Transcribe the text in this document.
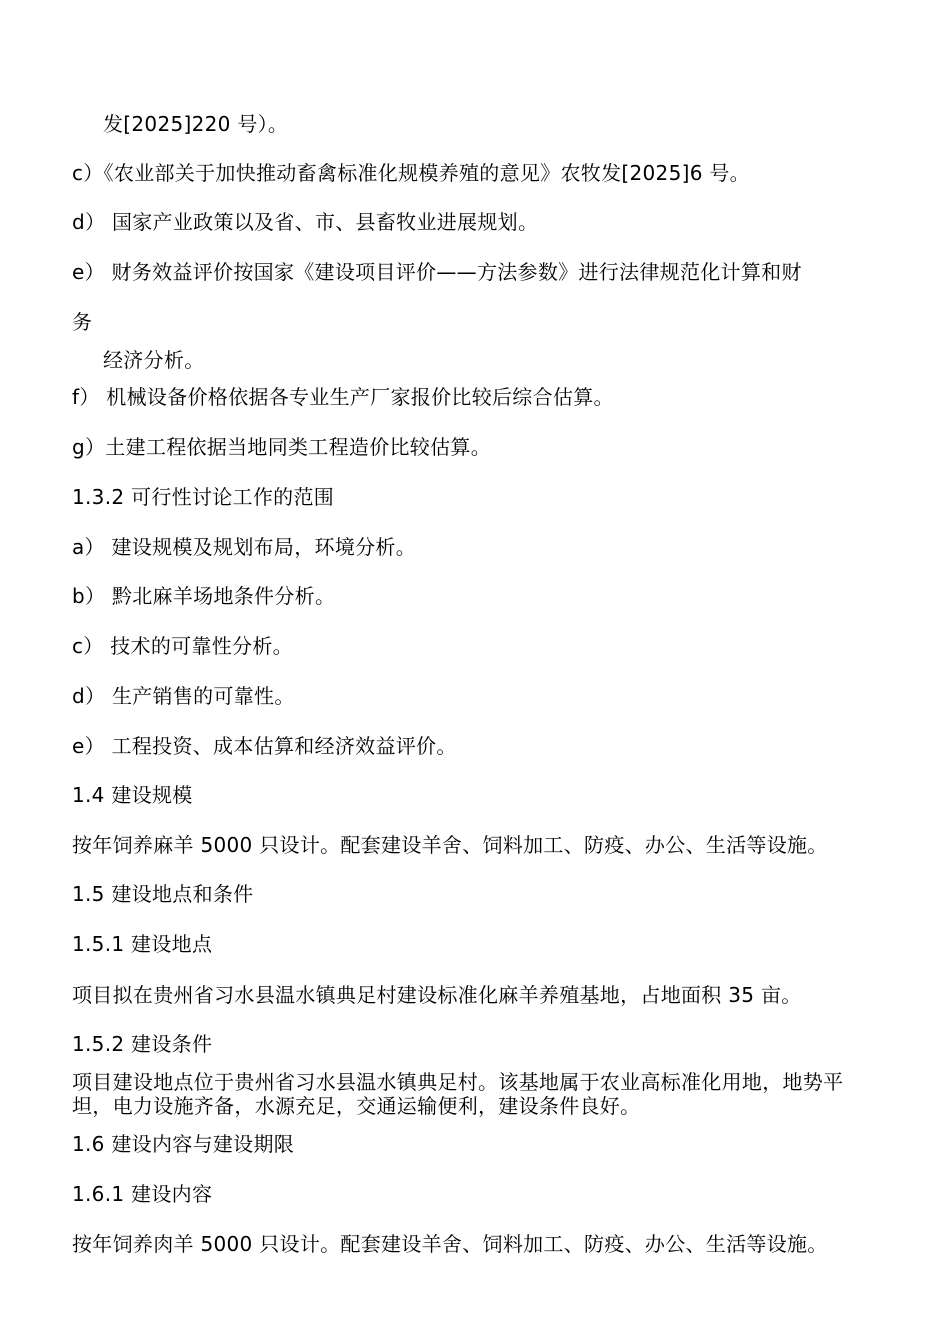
发[2025]220 号）。
c）《农业部关于加快推动畜禽标准化规模养殖的意见》农牧发[2025]6 号。
d） 国家产业政策以及省、市、县畜牧业进展规划。
e） 财务效益评价按国家《建设项目评价——方法参数》进行法律规范化计算和财
务
经济分析。
f） 机械设备价格依据各专业生产厂家报价比较后综合估算。
g）土建工程依据当地同类工程造价比较估算。
1.3.2 可行性讨论工作的范围
a） 建设规模及规划布局，环境分析。
b） 黔北麻羊场地条件分析。
c） 技术的可靠性分析。
d） 生产销售的可靠性。
e） 工程投资、成本估算和经济效益评价。
1.4 建设规模
按年饲养麻羊 5000 只设计。配套建设羊舍、饲料加工、防疫、办公、生活等设施。
1.5 建设地点和条件
1.5.1 建设地点
项目拟在贵州省习水县温水镇典足村建设标准化麻羊养殖基地，占地面积 35 亩。
1.5.2 建设条件
项目建设地点位于贵州省习水县温水镇典足村。该基地属于农业高标准化用地，地势平坦，电力设施齐备，水源充足，交通运输便利，建设条件良好。
1.6 建设内容与建设期限
1.6.1 建设内容
按年饲养肉羊 5000 只设计。配套建设羊舍、饲料加工、防疫、办公、生活等设施。
